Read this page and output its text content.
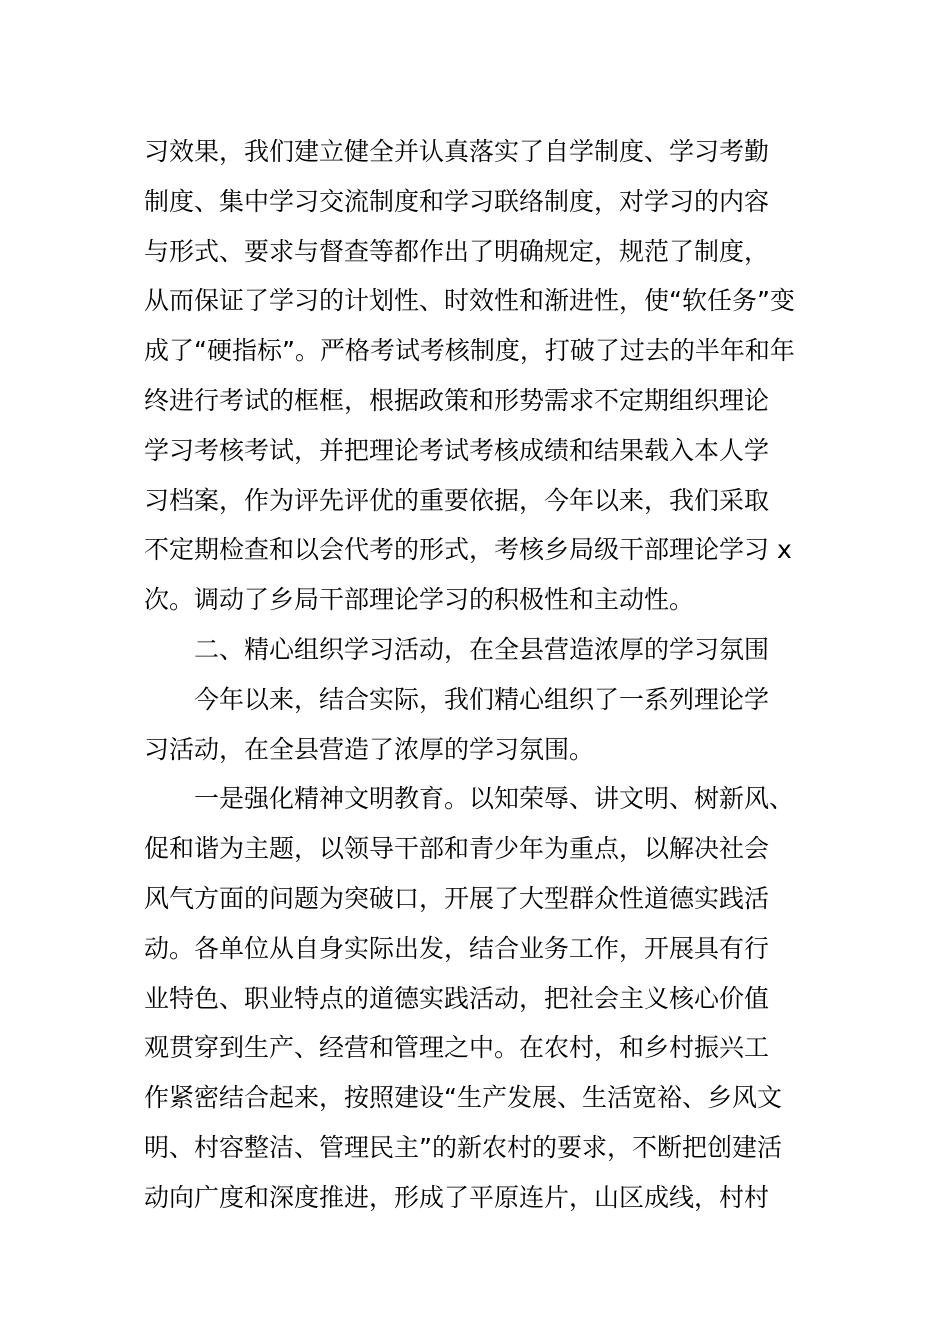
习效果，我们建立健全并认真落实了自学制度、学习考勤
制度、集中学习交流制度和学习联络制度，对学习的内容
与形式、要求与督查等都作出了明确规定，规范了制度，
从而保证了学习的计划性、时效性和渐进性，使“软任务”变
成了“硬指标”。严格考试考核制度，打破了过去的半年和年
终进行考试的框框，根据政策和形势需求不定期组织理论
学习考核考试，并把理论考试考核成绩和结果载入本人学
习档案，作为评先评优的重要依据，今年以来，我们采取
不定期检查和以会代考的形式，考核乡局级干部理论学习 x
次。调动了乡局干部理论学习的积极性和主动性。
二、精心组织学习活动，在全县营造浓厚的学习氛围
今年以来，结合实际，我们精心组织了一系列理论学
习活动，在全县营造了浓厚的学习氛围。
一是强化精神文明教育。以知荣辱、讲文明、树新风、
促和谐为主题，以领导干部和青少年为重点，以解决社会
风气方面的问题为突破口，开展了大型群众性道德实践活
动。各单位从自身实际出发，结合业务工作，开展具有行
业特色、职业特点的道德实践活动，把社会主义核心价值
观贯穿到生产、经营和管理之中。在农村，和乡村振兴工
作紧密结合起来，按照建设“生产发展、生活宽裕、乡风文
明、村容整洁、管理民主”的新农村的要求，不断把创建活
动向广度和深度推进，形成了平原连片，山区成线，村村
